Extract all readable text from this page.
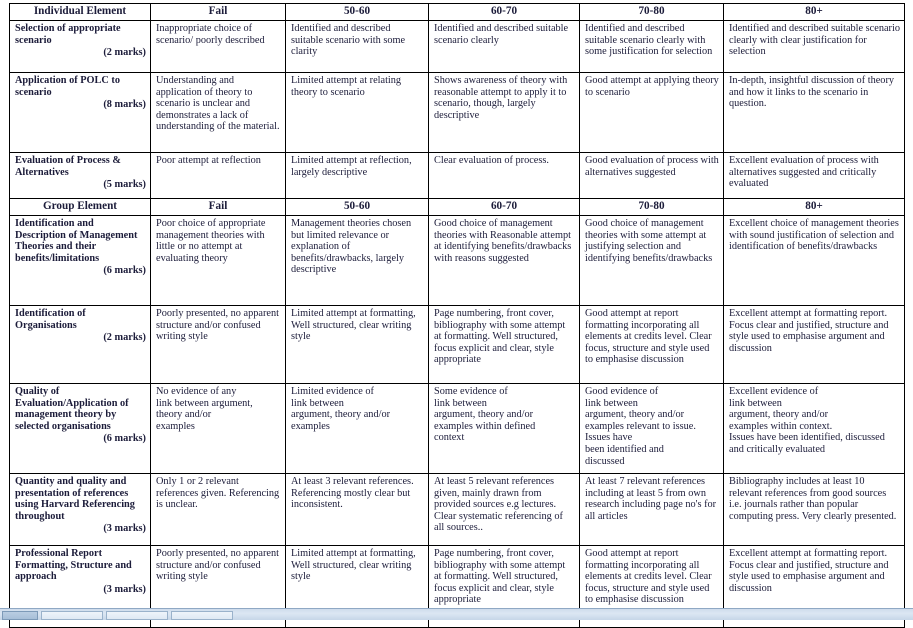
Individual Element	Fail	50-60	60-70	70-80	80+

Selection of appropriate scenario
(2 marks)	Inappropriate choice of scenario/ poorly described	Identified and described suitable scenario with some clarity	Identified and described suitable scenario clearly	Identified and described suitable scenario clearly with some justification for selection	Identified and described suitable scenario clearly with clear justification for selection

Application of POLC to scenario
(8 marks)	Understanding and application of theory to scenario is unclear and demonstrates a lack of understanding of the material.	Limited attempt at relating theory to scenario	Shows awareness of theory with reasonable attempt to apply it to scenario, though, largely descriptive	Good attempt at applying theory to scenario	In-depth, insightful discussion of theory and how it links to the scenario in question.

Evaluation of Process & Alternatives
(5 marks)	Poor attempt at reflection	Limited attempt at reflection, largely descriptive	Clear evaluation of process.	Good evaluation of process with alternatives suggested	Excellent evaluation of process with alternatives suggested and critically evaluated
Group Element	Fail	50-60	60-70	70-80	80+

Identification and Description of Management Theories and their benefits/limitations
(6 marks)	Poor choice of appropriate management theories with little or no attempt at evaluating theory	Management theories chosen but limited relevance or explanation of benefits/drawbacks, largely descriptive	Good choice of management theories with Reasonable attempt at identifying benefits/drawbacks with reasons suggested	Good choice of management theories with some attempt at justifying selection and identifying benefits/drawbacks	Excellent choice of management theories with sound justification of selection and identification of benefits/drawbacks

Identification of Organisations
(2 marks)	Poorly presented, no apparent structure and/or confused writing style	Limited attempt at formatting, Well structured, clear writing style	Page numbering, front cover, bibliography with some attempt at formatting. Well structured, focus explicit and clear, style appropriate	Good attempt at report formatting incorporating all elements at credits level. Clear focus, structure and style used to emphasise discussion	Excellent attempt at formatting report. Focus clear and justified, structure and style used to emphasise argument and discussion

Quality of Evaluation/Application of management theory by selected organisations
(6 marks)
	No evidence of any
link between argument,
theory and/or
examples	Limited evidence of
link between
argument, theory and/or
examples	Some evidence of
link between
argument, theory and/or
examples within defined
context	Good evidence of
link between
argument, theory and/or
examples relevant to issue.
Issues have
been identified and
discussed	Excellent evidence of
link between
argument, theory and/or
examples within context.
Issues have been identified, discussed and critically evaluated

Quantity and quality and presentation of references using Harvard Referencing throughout
(3 marks)	Only 1 or 2 relevant references given. Referencing is unclear.	At least 3 relevant references. Referencing mostly clear but inconsistent.	At least 5 relevant references given, mainly drawn from provided sources e.g lectures. Clear systematic referencing of all sources..	At least 7 relevant references including at least 5 from own research including page no's for all articles	Bibliography includes at least 10 relevant references from good sources i.e. journals rather than popular computing press. Very clearly presented.

Professional Report Formatting, Structure and approach
(3 marks)	Poorly presented, no apparent structure and/or confused writing style	Limited attempt at formatting, Well structured, clear writing style	Page numbering, front cover, bibliography with some attempt at formatting. Well structured, focus explicit and clear, style appropriate	Good attempt at report formatting incorporating all elements at credits level. Clear focus, structure and style used to emphasise discussion	Excellent attempt at formatting report. Focus clear and justified, structure and style used to emphasise argument and discussion
